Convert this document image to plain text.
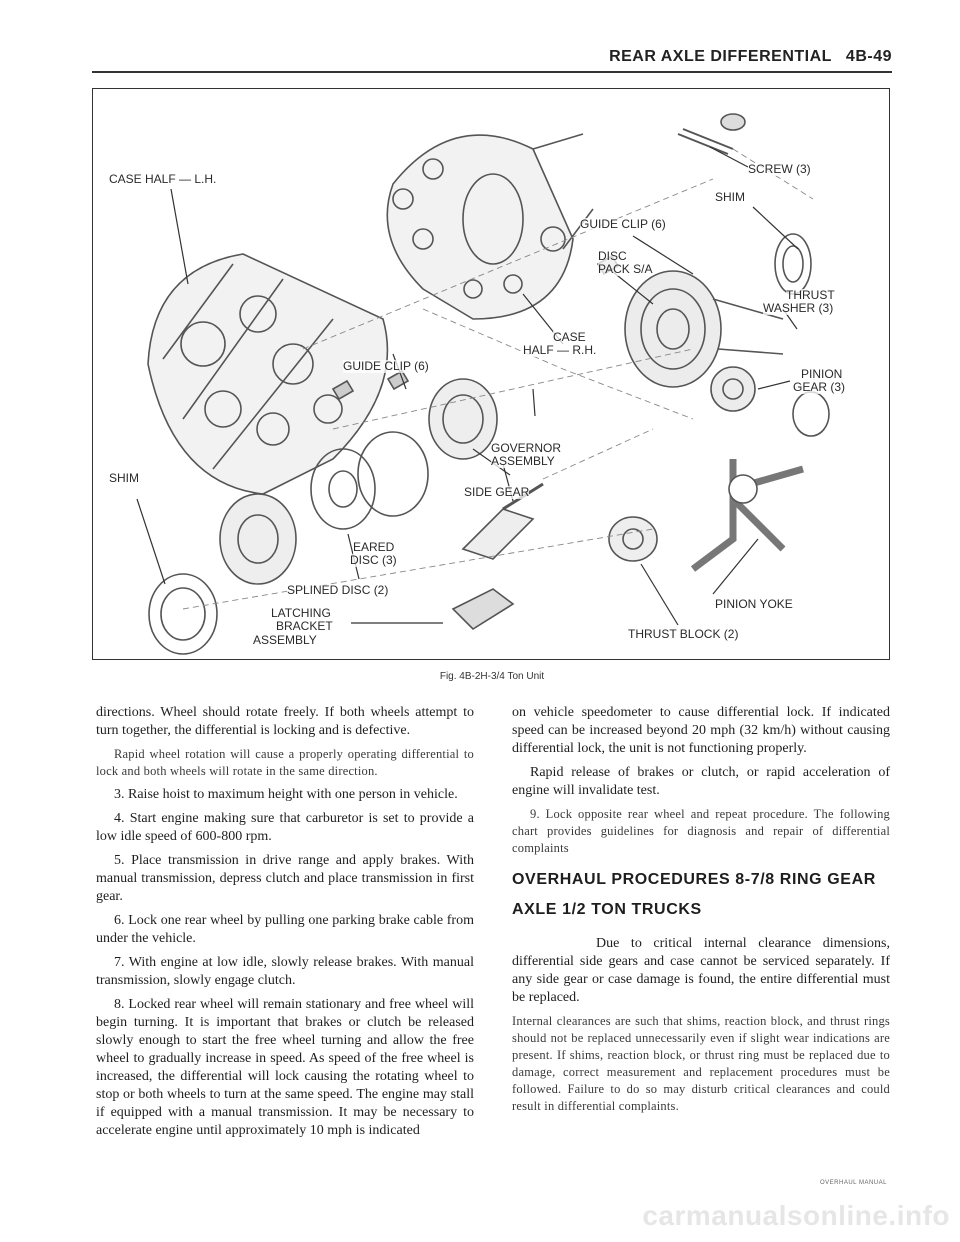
REAR AXLE DIFFERENTIAL 4B-49
CASE HALF — L.H.
SCREW (3)
SHIM
GUIDE CLIP (6)
DISC
PACK S/A
THRUST
WASHER (3)
CASE
HALF — R.H.
GUIDE CLIP (6)
PINION
GEAR (3)
GOVERNOR
ASSEMBLY
SHIM
SIDE GEAR
EARED
DISC (3)
SPLINED DISC (2)
LATCHING
BRACKET
ASSEMBLY
PINION YOKE
THRUST BLOCK (2)
Fig. 4B-2H-3/4 Ton Unit

directions. Wheel should rotate freely. If both wheels attempt to turn together, the differential is locking and is defective.

Rapid wheel rotation will cause a properly operating differential to lock and both wheels will rotate in the same direction.

3. Raise hoist to maximum height with one person in vehicle.

4. Start engine making sure that carburetor is set to provide a low idle speed of 600-800 rpm.

5. Place transmission in drive range and apply brakes. With manual transmission, depress clutch and place transmission in first gear.

6. Lock one rear wheel by pulling one parking brake cable from under the vehicle.

7. With engine at low idle, slowly release brakes. With manual transmission, slowly engage clutch.

8. Locked rear wheel will remain stationary and free wheel will begin turning. It is important that brakes or clutch be released slowly enough to start the free wheel turning and allow the free wheel to gradually increase in speed. As speed of the free wheel is increased, the differential will lock causing the rotating wheel to stop or both wheels to turn at the same speed. The engine may stall if equipped with a manual transmission. It may be necessary to accelerate engine until approximately 10 mph is indicated

on vehicle speedometer to cause differential lock. If indicated speed can be increased beyond 20 mph (32 km/h) without causing differential lock, the unit is not functioning properly.

Rapid release of brakes or clutch, or rapid acceleration of engine will invalidate test.

9. Lock opposite rear wheel and repeat procedure. The following chart provides guidelines for diagnosis and repair of differential complaints

OVERHAUL PROCEDURES 8-7/8 RING GEAR
AXLE 1/2 TON TRUCKS

Due to critical internal clearance dimensions, differential side gears and case cannot be serviced separately. If any side gear or case damage is found, the entire differential must be replaced.

Internal clearances are such that shims, reaction block, and thrust rings should not be replaced unnecessarily even if slight wear indications are present. If shims, reaction block, or thrust ring must be replaced due to damage, correct measurement and replacement procedures must be followed. Failure to do so may disturb critical clearances and could result in differential complaints.

OVERHAUL MANUAL
carmanualsonline.info
